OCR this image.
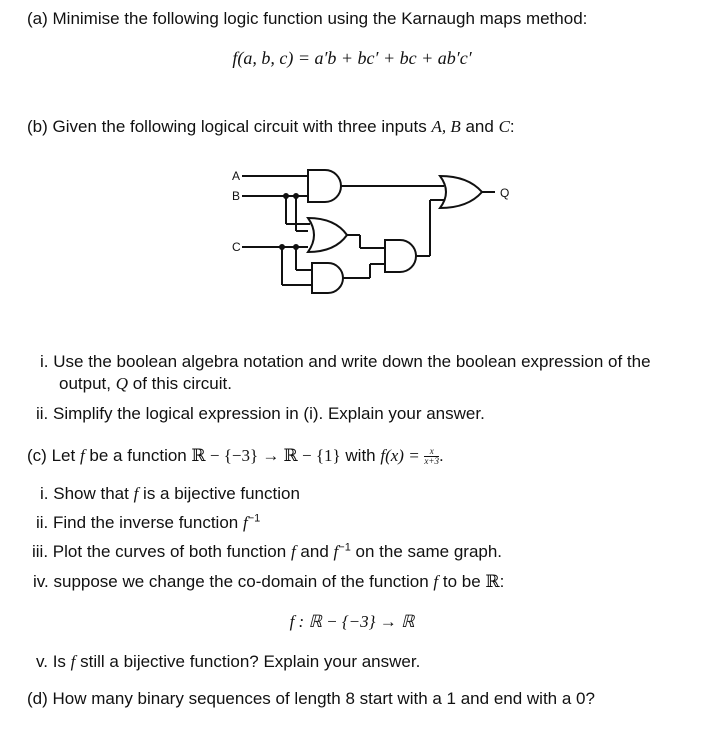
(a) Minimise the following logic function using the Karnaugh maps method:
f(a, b, c) = a′b + bc′ + bc + ab′c′
(b) Given the following logical circuit with three inputs A, B and C:
A
B
C
Q
i. Use the boolean algebra notation and write down the boolean expression of the
output, Q of this circuit.
ii. Simplify the logical expression in (i). Explain your answer.
(c) Let f be a function ℝ − {−3} → ℝ − {1} with $f(x) = \frac{x}{x+3}$ .
i. Show that f is a bijective function
ii. Find the inverse function $f^{-1}$
iii. Plot the curves of both function f and $f^{-1}$ on the same graph.
iv. suppose we change the co-domain of the function f to be ℝ:
f : ℝ − {−3} → ℝ
v. Is f still a bijective function? Explain your answer.
(d) How many binary sequences of length 8 start with a 1 and end with a 0?
